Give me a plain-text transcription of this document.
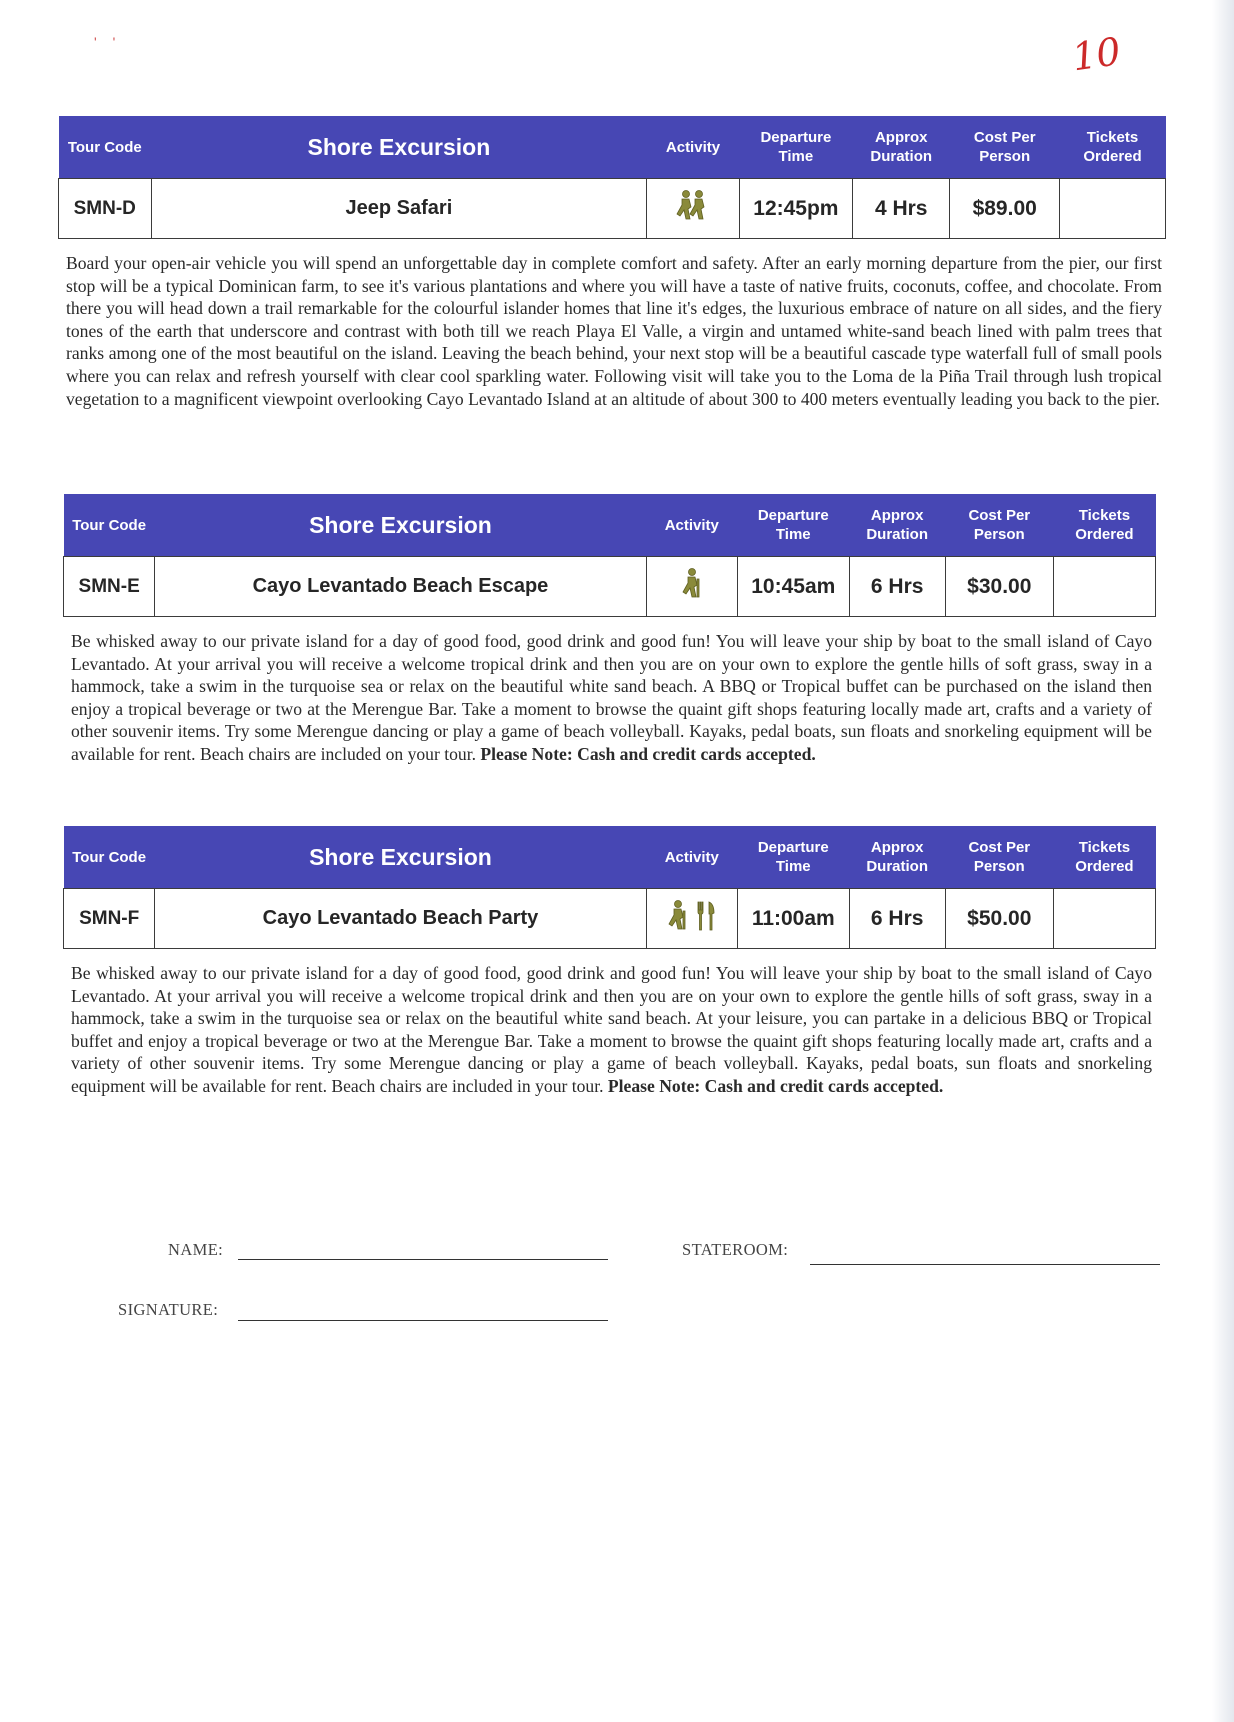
' '	10
Tour Code	Shore Excursion	Activity	Departure Time	Approx Duration	Cost Per Person	Tickets Ordered
SMN-D	Jeep Safari		12:45pm	4 Hrs	$89.00	

Board your open-air vehicle you will spend an unforgettable day in complete comfort and safety. After an early morning departure from the pier, our first stop will be a typical Dominican farm, to see it's various plantations and where you will have a taste of native fruits, coconuts, coffee, and chocolate. From there you will head down a trail remarkable for the colourful islander homes that line it's edges, the luxurious embrace of nature on all sides, and the fiery tones of the earth that underscore and contrast with both till we reach Playa El Valle, a virgin and untamed white-sand beach lined with palm trees that ranks among one of the most beautiful on the island. Leaving the beach behind, your next stop will be a beautiful cascade type waterfall full of small pools where you can relax and refresh yourself with clear cool sparkling water. Following visit will take you to the Loma de la Piña Trail through lush tropical vegetation to a magnificent viewpoint overlooking Cayo Levantado Island at an altitude of about 300 to 400 meters eventually leading you back to the pier.

Tour Code	Shore Excursion	Activity	Departure Time	Approx Duration	Cost Per Person	Tickets Ordered
SMN-E	Cayo Levantado Beach Escape		10:45am	6 Hrs	$30.00	

Be whisked away to our private island for a day of good food, good drink and good fun! You will leave your ship by boat to the small island of Cayo Levantado. At your arrival you will receive a welcome tropical drink and then you are on your own to explore the gentle hills of soft grass, sway in a hammock, take a swim in the turquoise sea or relax on the beautiful white sand beach. A BBQ or Tropical buffet can be purchased on the island then enjoy a tropical beverage or two at the Merengue Bar. Take a moment to browse the quaint gift shops featuring locally made art, crafts and a variety of other souvenir items. Try some Merengue dancing or play a game of beach volleyball. Kayaks, pedal boats, sun floats and snorkeling equipment will be available for rent. Beach chairs are included on your tour. Please Note: Cash and credit cards accepted.

Tour Code	Shore Excursion	Activity	Departure Time	Approx Duration	Cost Per Person	Tickets Ordered
SMN-F	Cayo Levantado Beach Party		11:00am	6 Hrs	$50.00	

Be whisked away to our private island for a day of good food, good drink and good fun! You will leave your ship by boat to the small island of Cayo Levantado. At your arrival you will receive a welcome tropical drink and then you are on your own to explore the gentle hills of soft grass, sway in a hammock, take a swim in the turquoise sea or relax on the beautiful white sand beach. At your leisure, you can partake in a delicious BBQ or Tropical buffet and enjoy a tropical beverage or two at the Merengue Bar. Take a moment to browse the quaint gift shops featuring locally made art, crafts and a variety of other souvenir items. Try some Merengue dancing or play a game of beach volleyball. Kayaks, pedal boats, sun floats and snorkeling equipment will be available for rent. Beach chairs are included in your tour. Please Note: Cash and credit cards accepted.

NAME:	STATEROOM:
SIGNATURE:
